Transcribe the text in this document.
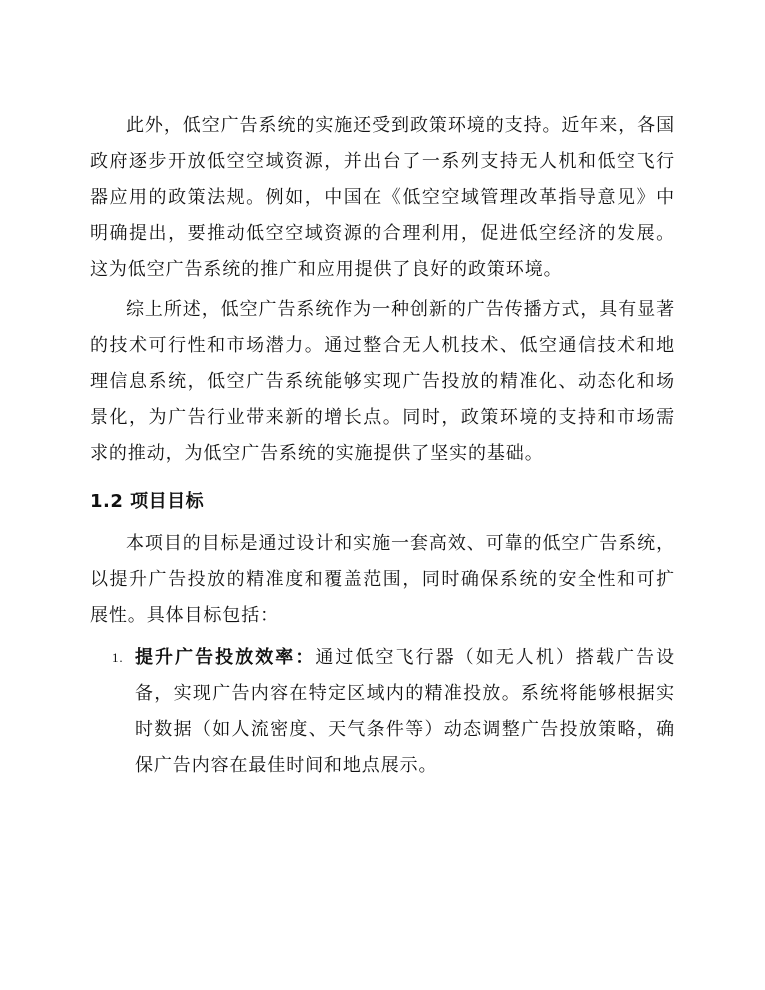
此外，低空广告系统的实施还受到政策环境的支持。近年来，各国政府逐步开放低空空域资源，并出台了一系列支持无人机和低空飞行器应用的政策法规。例如，中国在《低空空域管理改革指导意见》中明确提出，要推动低空空域资源的合理利用，促进低空经济的发展。这为低空广告系统的推广和应用提供了良好的政策环境。

综上所述，低空广告系统作为一种创新的广告传播方式，具有显著的技术可行性和市场潜力。通过整合无人机技术、低空通信技术和地理信息系统，低空广告系统能够实现广告投放的精准化、动态化和场景化，为广告行业带来新的增长点。同时，政策环境的支持和市场需求的推动，为低空广告系统的实施提供了坚实的基础。

1.2 项目目标

本项目的目标是通过设计和实施一套高效、可靠的低空广告系统，以提升广告投放的精准度和覆盖范围，同时确保系统的安全性和可扩展性。具体目标包括：

1. 提升广告投放效率：通过低空飞行器（如无人机）搭载广告设备，实现广告内容在特定区域内的精准投放。系统将能够根据实时数据（如人流密度、天气条件等）动态调整广告投放策略，确保广告内容在最佳时间和地点展示。
